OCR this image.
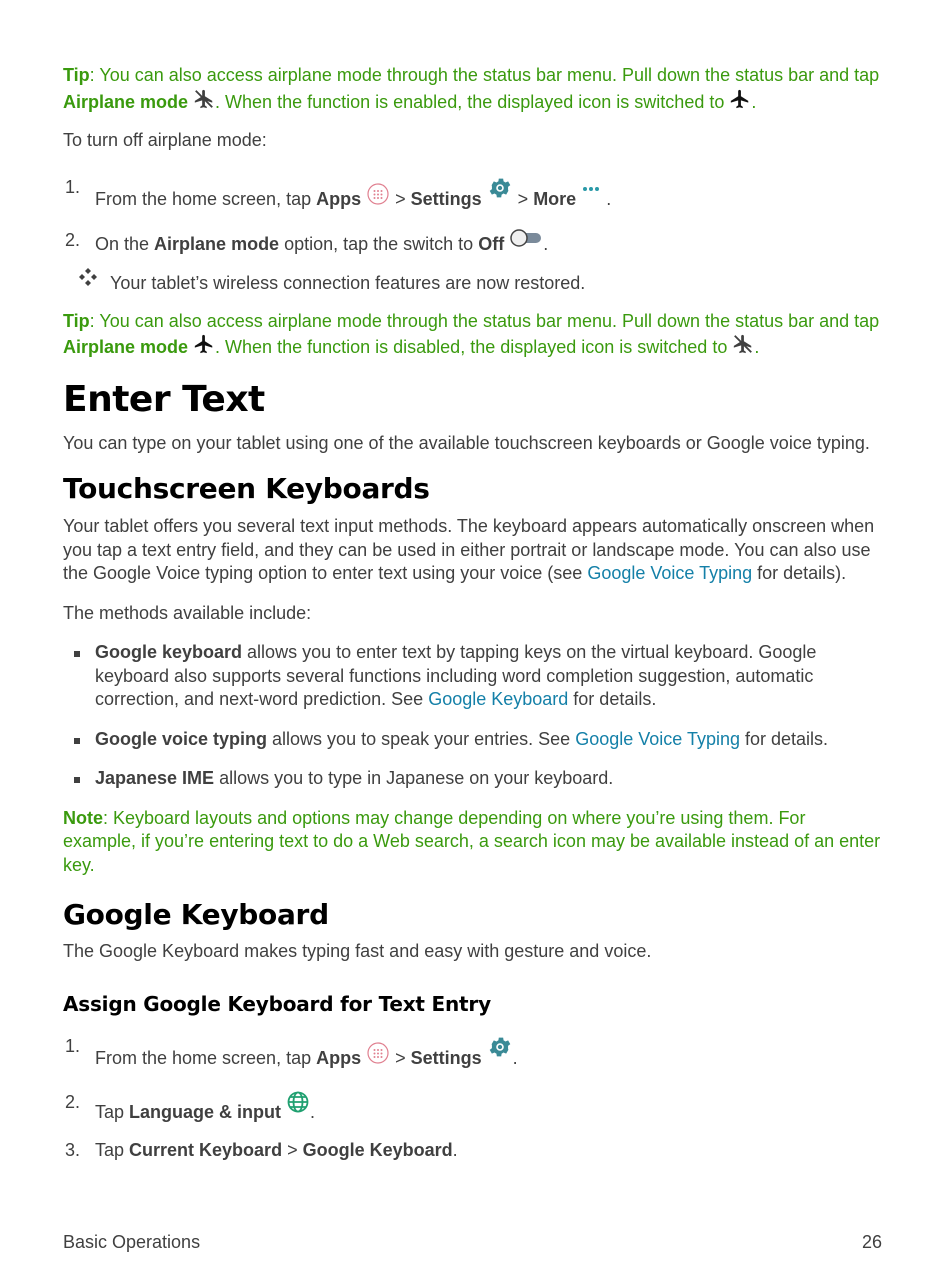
Tip: You can also access airplane mode through the status bar menu. Pull down the status bar and tap Airplane mode . When the function is enabled, the displayed icon is switched to .

To turn off airplane mode:

1.
From the home screen, tap Apps  > Settings  > More  .
2. On the Airplane mode option, tap the switch to Off .
Your tablet’s wireless connection features are now restored.

Tip: You can also access airplane mode through the status bar menu. Pull down the status bar and tap Airplane mode . When the function is disabled, the displayed icon is switched to .

Enter Text

You can type on your tablet using one of the available touchscreen keyboards or Google voice typing.

Touchscreen Keyboards

Your tablet offers you several text input methods. The keyboard appears automatically onscreen when you tap a text entry field, and they can be used in either portrait or landscape mode. You can also use the Google Voice typing option to enter text using your voice (see Google Voice Typing for details).

The methods available include:

Google keyboard allows you to enter text by tapping keys on the virtual keyboard. Google keyboard also supports several functions including word completion suggestion, automatic correction, and next-word prediction. See Google Keyboard for details.
Google voice typing allows you to speak your entries. See Google Voice Typing for details.
Japanese IME allows you to type in Japanese on your keyboard.

Note: Keyboard layouts and options may change depending on where you’re using them. For example, if you’re entering text to do a Web search, a search icon may be available instead of an enter key.

Google Keyboard

The Google Keyboard makes typing fast and easy with gesture and voice.

Assign Google Keyboard for Text Entry
1.
From the home screen, tap Apps  > Settings .
2. Tap Language & input .
3. Tap Current Keyboard > Google Keyboard.
Basic Operations	26
